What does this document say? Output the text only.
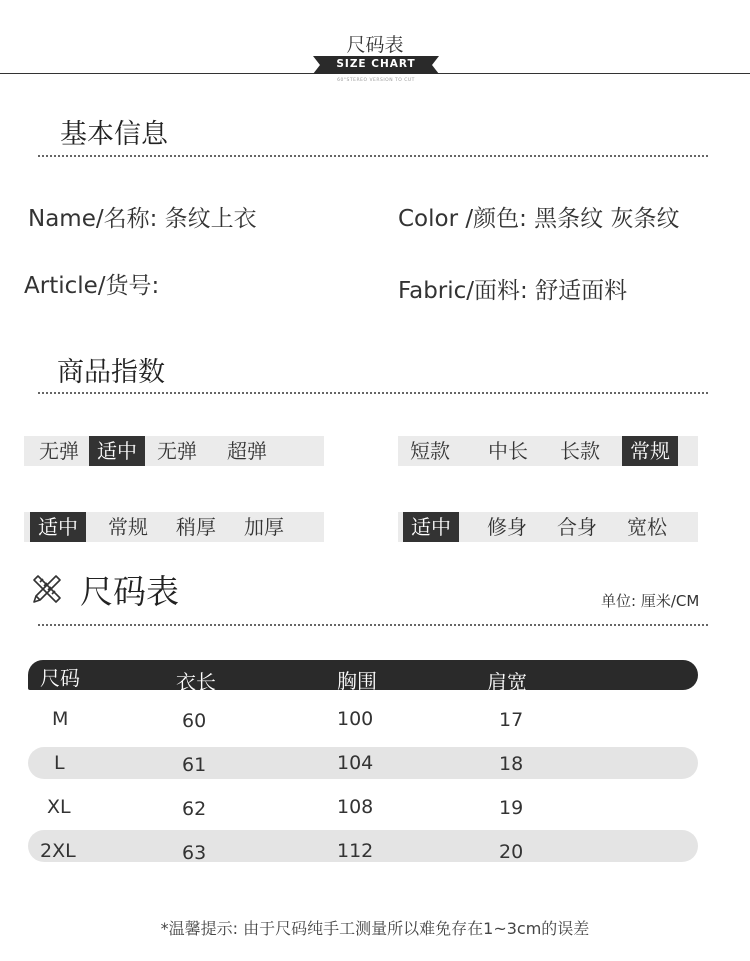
尺码表
SIZE CHART
60°STEREO VERSION TO CUT
基本信息
Name/名称: 条纹上衣	Color /颜色: 黑条纹 灰条纹
Article/货号:	Fabric/面料: 舒适面料
商品指数
无弹 适中	无弹	超弹	短款	中长	长款	常规
适中	常规	稍厚	加厚	适中	修身	合身	宽松
尺码表	单位: 厘米/CM
尺码	衣长	胸围	肩宽
M	60	100	17
L	61	104	18
XL	62	108	19
2XL	63	112	20
*温馨提示: 由于尺码纯手工测量所以难免存在1~3cm的误差
